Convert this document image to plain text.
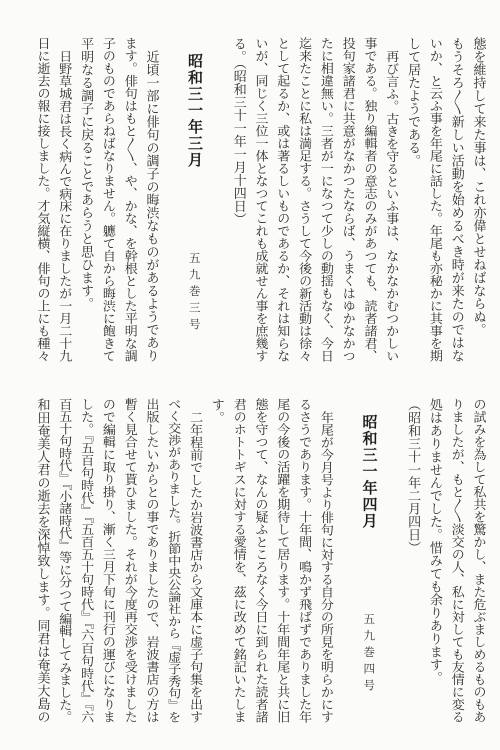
態を維持して来た事は、これ亦偉とせねばならぬ。
もうそろ〳〵新しい活動を始めるべき時が来たのではな
いか、と云ふ事を年尾に話した。年尾も亦秘かに其事を期
して居たようである。
再び言ふ。古きを守るといふ事は、なかなかむつかしい
事である。独り編輯者の意志のみがあつても、読者諸君、
投句家諸君に共意がなかつたならば、うまくはゆかなかつ
たに相違無い。三者が一になつて少しの動揺もなく、今日
迄来たことに私は満足する。さうして今後の新活動は徐々
として起るか、或は著るしいものであるか、それは知らな
いが、同じく三位一体となつてこれも成就せん事を庶幾す
る。（昭和三十一年一月十四日）
昭和三一年三月
五九巻三号
近頃一部に俳句の調子の晦渋なものがあるようであり
ます。俳句はもと〳〵、や、かな、を幹根とした平明な調
子のものであらねばなりません。軈て自から晦渋に飽きて
平明なる調子に戻ることであらうと思ひます。
日野草城君は長く病んで病床に在りましたが一月二十九
日に逝去の報に接しました。才気縦横、俳句の上にも種々
の試みを為して私共を驚かし、また危ぶましめるものもあ
りましたが、もと〳〵淡交の人、私に対しても友情に変る
処はありませんでした。惜みても余りあります。
（昭和三十一年二月四日）
昭和三一年四月
五九巻四号
年尾が今月号より俳句に対する自分の所見を明らかにす
るさうであります。十年間、鳴かず飛ばずでありました年
尾の今後の活躍を期待して居ります。十年間年尾と共に旧
態を守つて、なんの疑ふところなく今日に到られた読者諸
君のホトトギスに対する愛情を、茲に改めて銘記いたしま
す。
二年程前でしたか岩波書店から文庫本に虚子句集を出す
べく交渉がありました。折節中央公論社から『虚子秀句』を
出版したいからとの事でありましたので、岩波書店の方は
暫く見合せて貰ひました。それが今度再交渉を受けました
ので編輯に取り掛り、漸く三月下旬に刊行の運びになりま
した。『五百句時代』『五百五十句時代』『六百句時代』『六
百五十句時代』『小諸時代』等に分つて編輯してみました。
和田奄美人君の逝去を深悼致します。同君は奄美大島の
